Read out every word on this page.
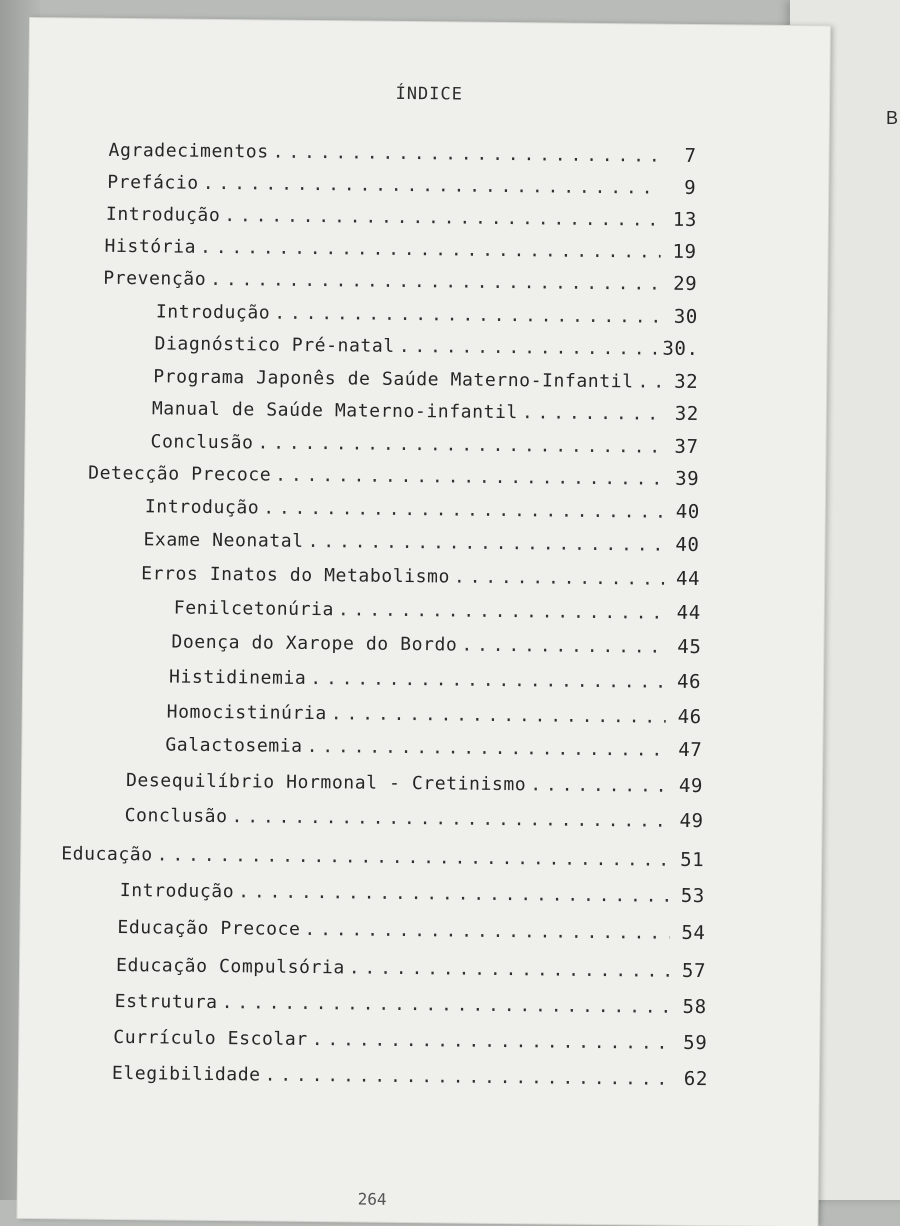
B
ÍNDICE
Agradecimentos . . .	7
Prefácio . . .	9
Introdução . . .	13
História . . .	19
Prevenção . . .	29
Introdução . . .	30
Diagnóstico Pré-natal . . .	30.
Programa Japonês de Saúde Materno-Infantil . . .	32
Manual de Saúde Materno-infantil . . .	32
Conclusão . . .	37
Detecção Precoce . . .	39
Introdução . . .	40
Exame Neonatal . . .	40
Erros Inatos do Metabolismo . . .	44
Fenilcetonúria . . .	44
Doença do Xarope do Bordo . . .	45
Histidinemia . . .	46
Homocistinúria . . .	46
Galactosemia . . .	47
Desequilíbrio Hormonal - Cretinismo . . .	49
Conclusão . . .	49
Educação . . .	51
Introdução . . .	53
Educação Precoce . . .	54
Educação Compulsória . . .	57
Estrutura . . .	58
Currículo Escolar . . .	59
Elegibilidade . . .	62
264
